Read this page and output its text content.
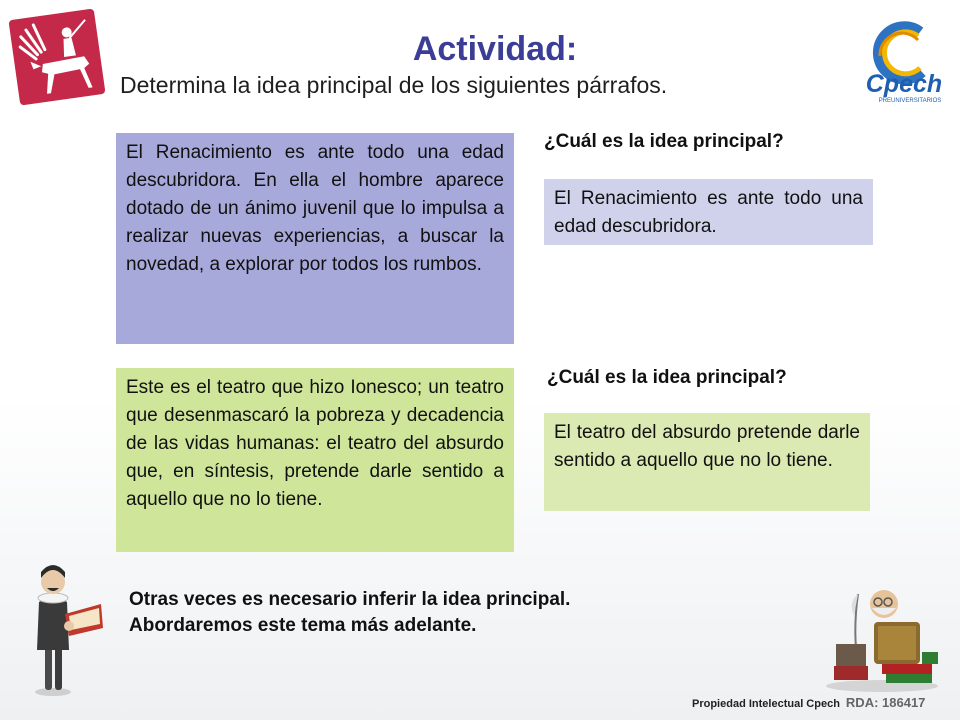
Cpech
PREUNIVERSITARIOS
Actividad:
Determina la idea principal de los siguientes párrafos.
El Renacimiento es ante todo una edad descubridora. En ella el hombre aparece dotado de un ánimo juvenil que lo impulsa a realizar nuevas experiencias, a buscar la novedad, a explorar por todos los rumbos.
¿Cuál es la idea principal?
El Renacimiento es ante todo una edad descubridora.
Este es el teatro que hizo Ionesco; un teatro que desenmascaró la pobreza y decadencia de las vidas humanas: el teatro del absurdo que, en síntesis, pretende darle sentido a aquello que no lo tiene.
¿Cuál es la idea principal?
El teatro del absurdo pretende darle sentido a aquello que no lo tiene.
Otras veces es necesario inferir la idea principal.
Abordaremos este tema más adelante.
Propiedad Intelectual Cpech RDA: 186417
